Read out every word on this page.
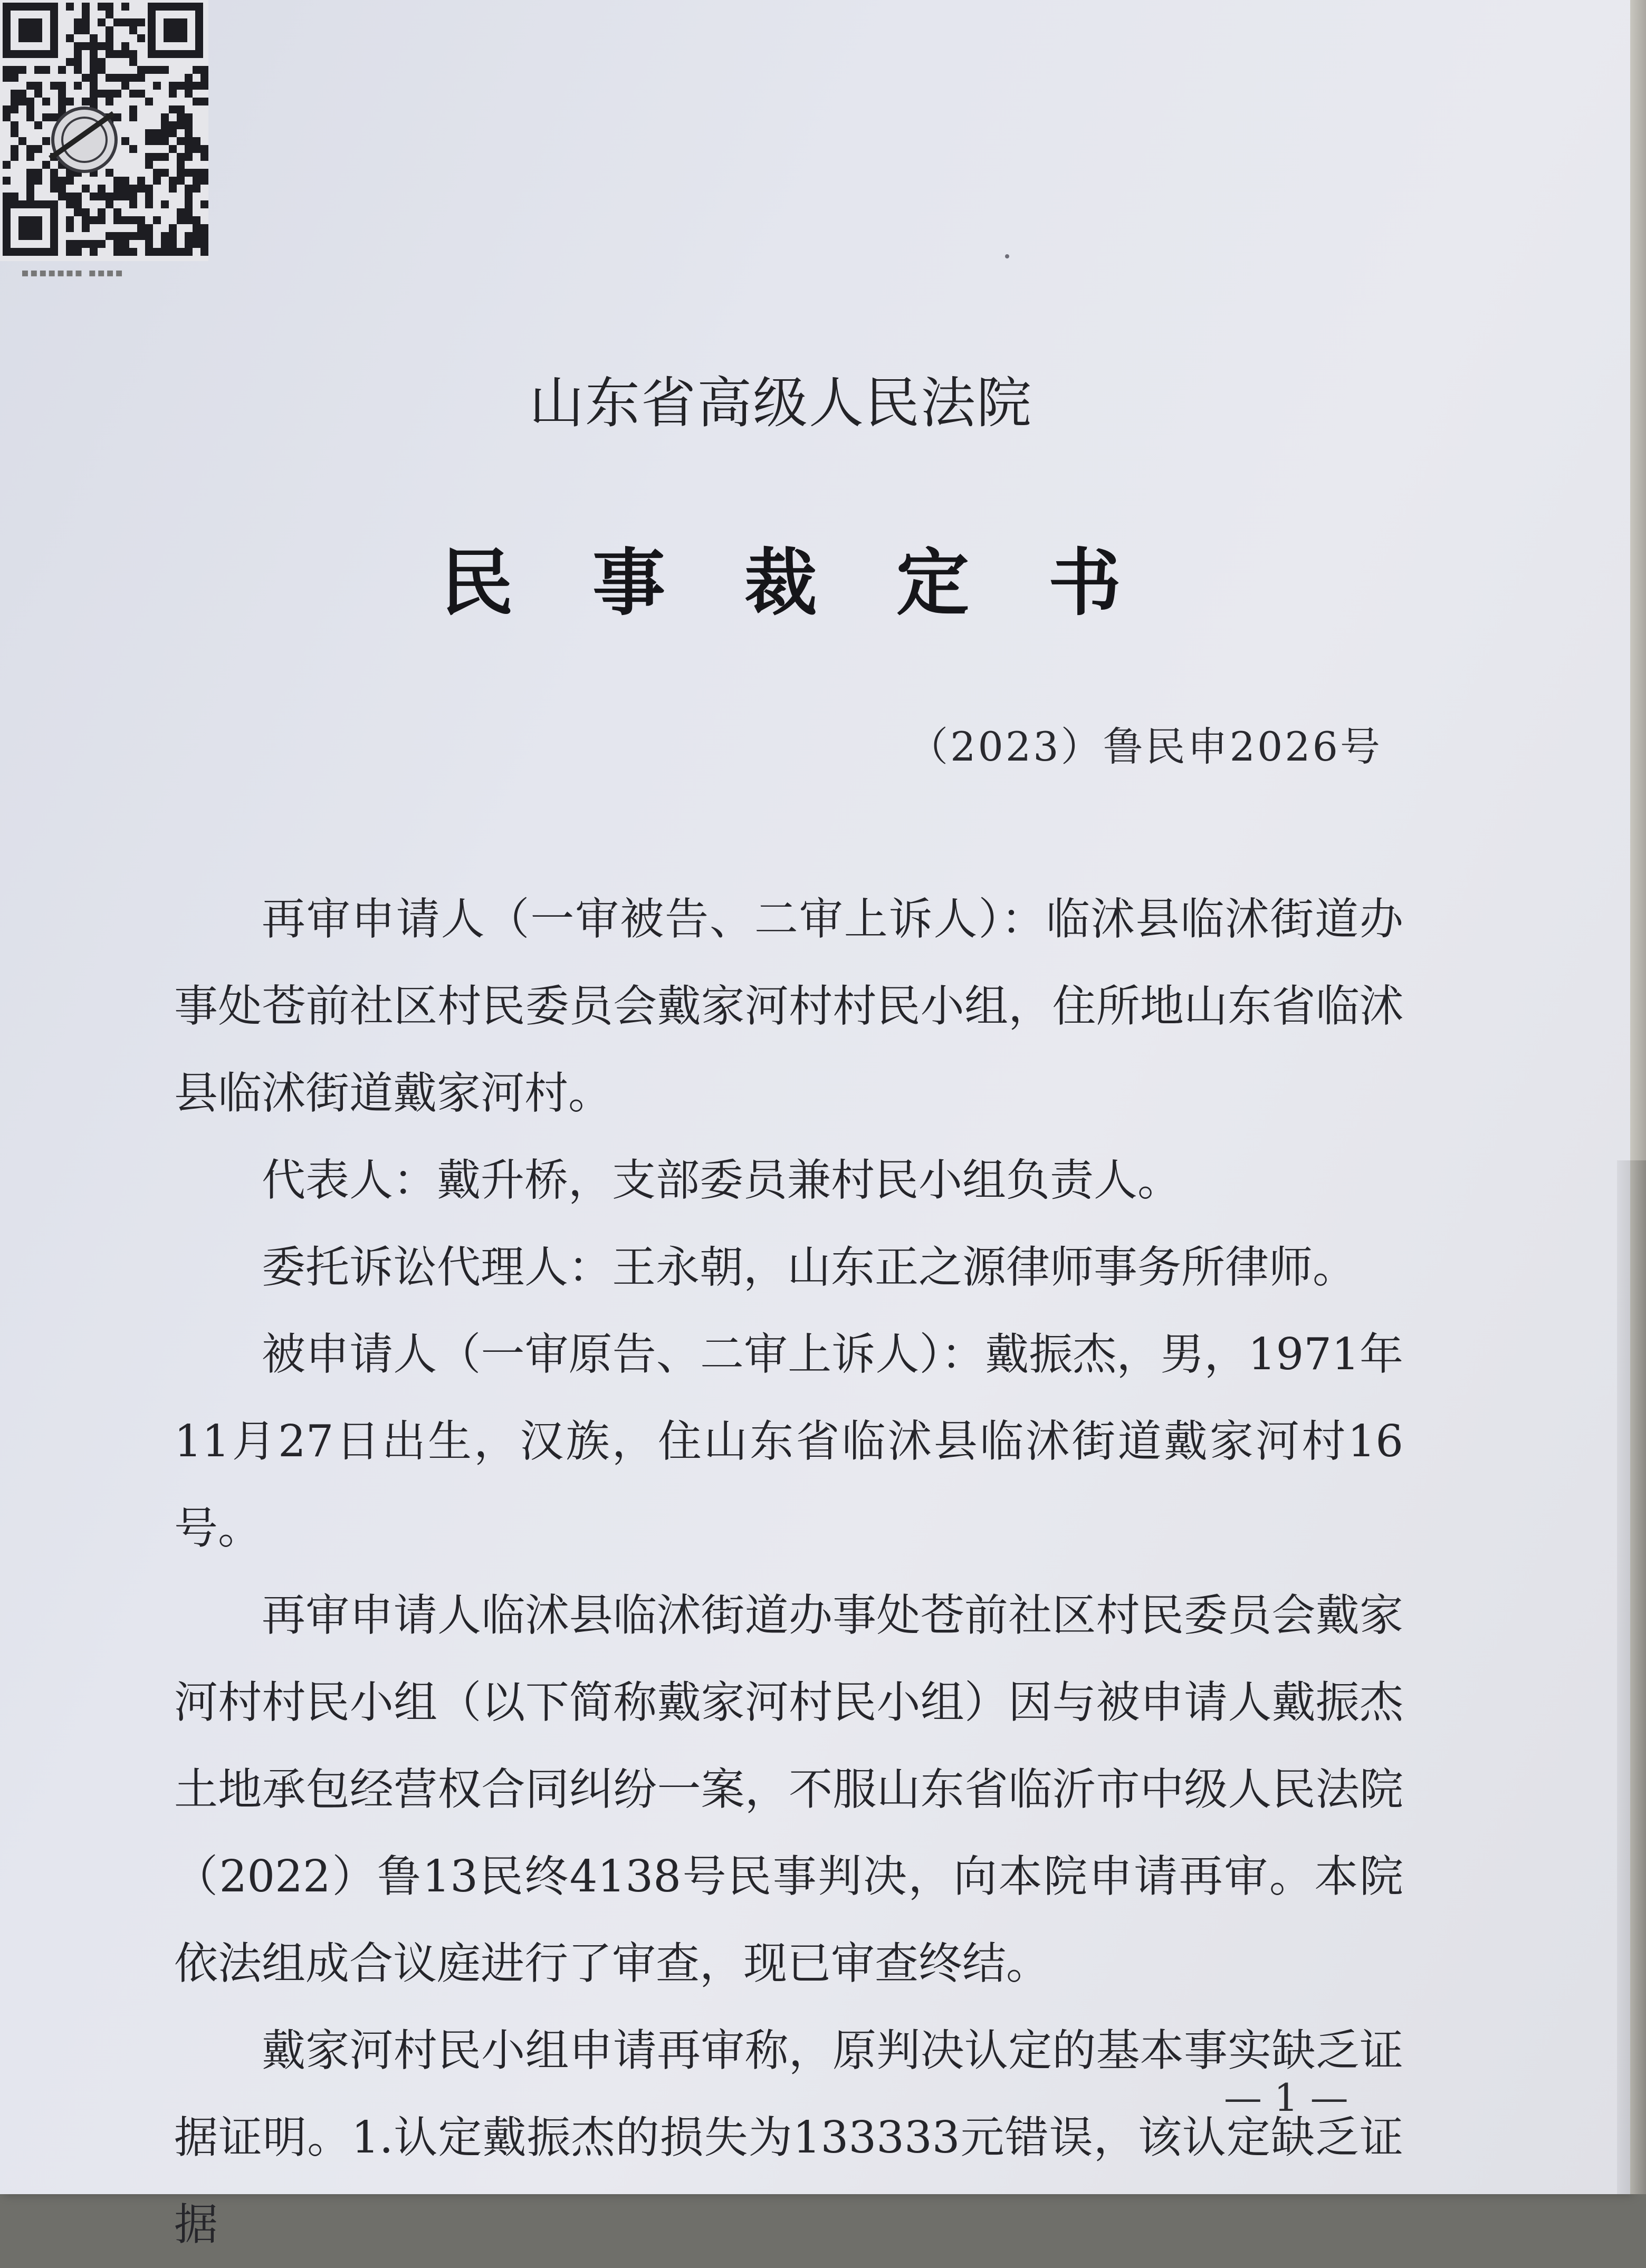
▪▪▪▪▪▪▪ ▪▪▪▪
山东省高级人民法院
民事裁定书
（2023）鲁民申2026号

再审申请人（一审被告、二审上诉人）：临沭县临沭街道办事处苍前社区村民委员会戴家河村村民小组，住所地山东省临沭县临沭街道戴家河村。

代表人：戴升桥，支部委员兼村民小组负责人。

委托诉讼代理人：王永朝，山东正之源律师事务所律师。

被申请人（一审原告、二审上诉人）：戴振杰，男，1971年11月27日出生，汉族，住山东省临沭县临沭街道戴家河村16号。

再审申请人临沭县临沭街道办事处苍前社区村民委员会戴家河村村民小组（以下简称戴家河村民小组）因与被申请人戴振杰土地承包经营权合同纠纷一案，不服山东省临沂市中级人民法院（2022）鲁13民终4138号民事判决，向本院申请再审。本院依法组成合议庭进行了审查，现已审查终结。

戴家河村民小组申请再审称，原判决认定的基本事实缺乏证据证明。1.认定戴振杰的损失为133333元错误，该认定缺乏证据

— 1 —
